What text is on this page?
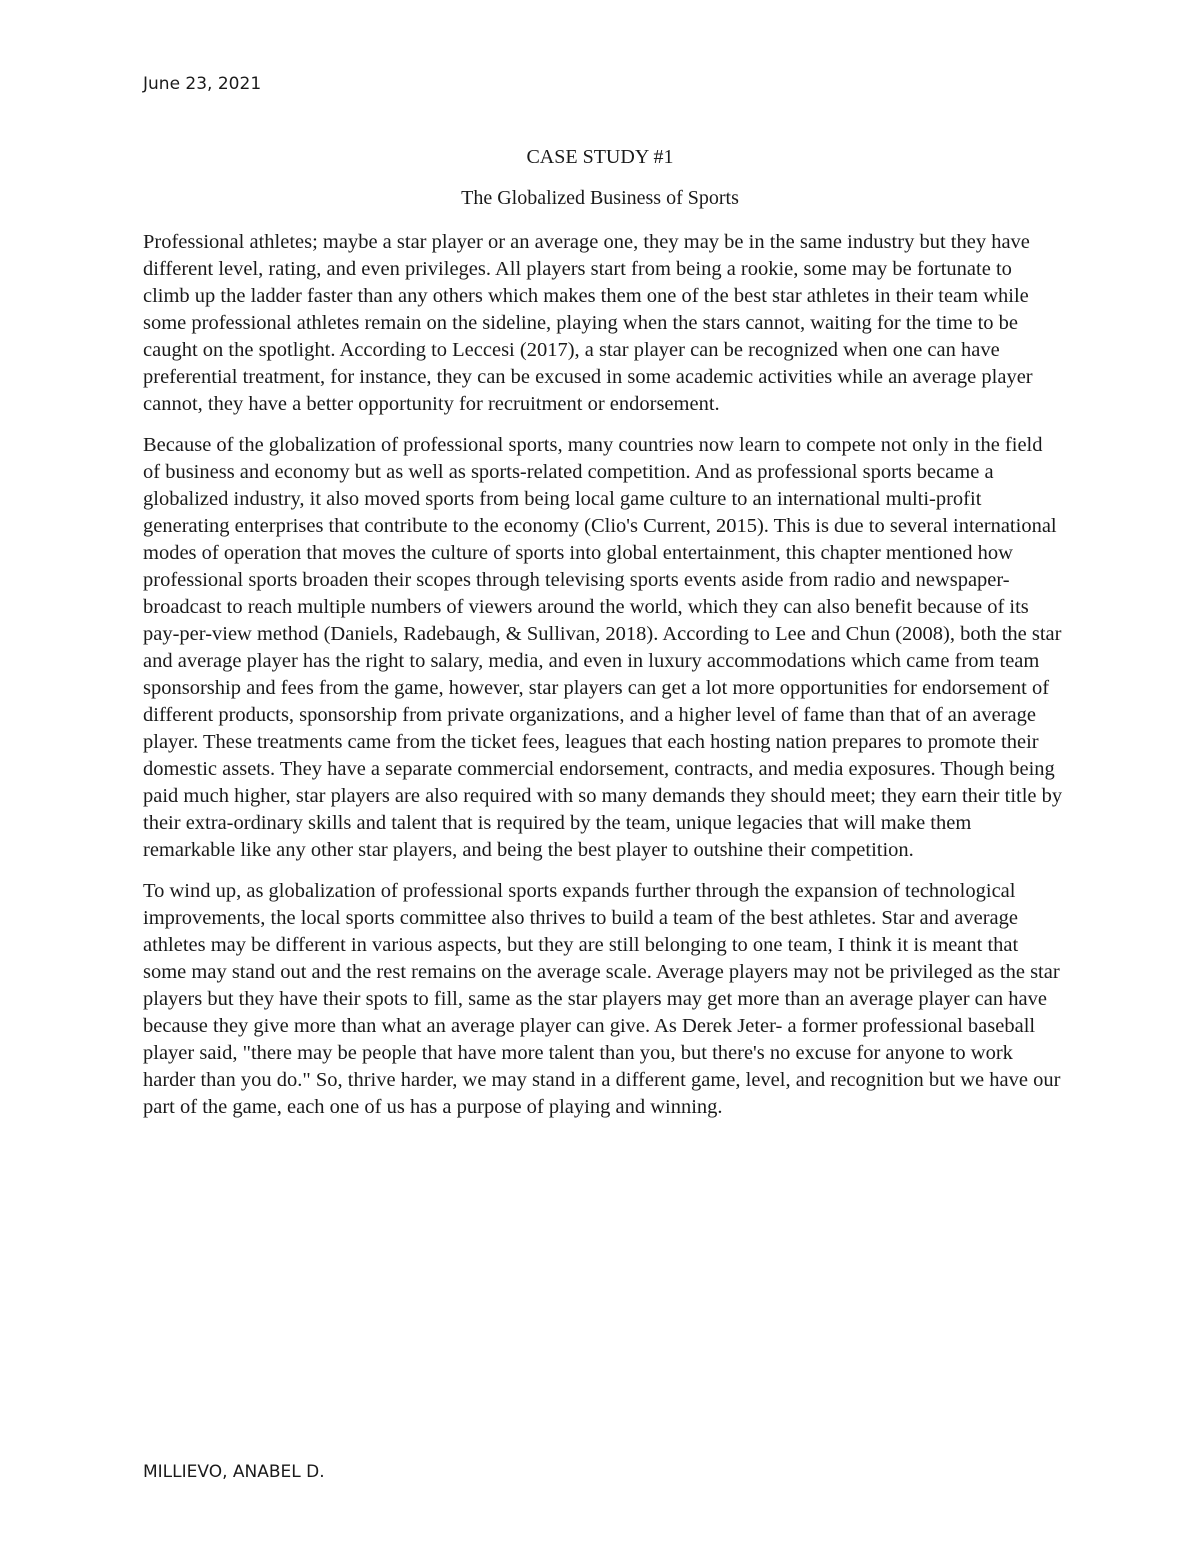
June 23, 2021
CASE STUDY #1
The Globalized Business of Sports

Professional athletes; maybe a star player or an average one, they may be in the same industry but they have different level, rating, and even privileges. All players start from being a rookie, some may be fortunate to climb up the ladder faster than any others which makes them one of the best star athletes in their team while some professional athletes remain on the sideline, playing when the stars cannot, waiting for the time to be caught on the spotlight. According to Leccesi (2017), a star player can be recognized when one can have preferential treatment, for instance, they can be excused in some academic activities while an average player cannot, they have a better opportunity for recruitment or endorsement.

Because of the globalization of professional sports, many countries now learn to compete not only in the field of business and economy but as well as sports-related competition. And as professional sports became a globalized industry, it also moved sports from being local game culture to an international multi-profit generating enterprises that contribute to the economy (Clio's Current, 2015). This is due to several international modes of operation that moves the culture of sports into global entertainment, this chapter mentioned how professional sports broaden their scopes through televising sports events aside from radio and newspaper-broadcast to reach multiple numbers of viewers around the world, which they can also benefit because of its pay-per-view method (Daniels, Radebaugh, & Sullivan, 2018). According to Lee and Chun (2008), both the star and average player has the right to salary, media, and even in luxury accommodations which came from team sponsorship and fees from the game, however, star players can get a lot more opportunities for endorsement of different products, sponsorship from private organizations, and a higher level of fame than that of an average player. These treatments came from the ticket fees, leagues that each hosting nation prepares to promote their domestic assets. They have a separate commercial endorsement, contracts, and media exposures. Though being paid much higher, star players are also required with so many demands they should meet; they earn their title by their extra-ordinary skills and talent that is required by the team, unique legacies that will make them remarkable like any other star players, and being the best player to outshine their competition.

To wind up, as globalization of professional sports expands further through the expansion of technological improvements, the local sports committee also thrives to build a team of the best athletes. Star and average athletes may be different in various aspects, but they are still belonging to one team, I think it is meant that some may stand out and the rest remains on the average scale. Average players may not be privileged as the star players but they have their spots to fill, same as the star players may get more than an average player can have because they give more than what an average player can give. As Derek Jeter- a former professional baseball player said, "there may be people that have more talent than you, but there's no excuse for anyone to work harder than you do." So, thrive harder, we may stand in a different game, level, and recognition but we have our part of the game, each one of us has a purpose of playing and winning.

MILLIEVO, ANABEL D.
